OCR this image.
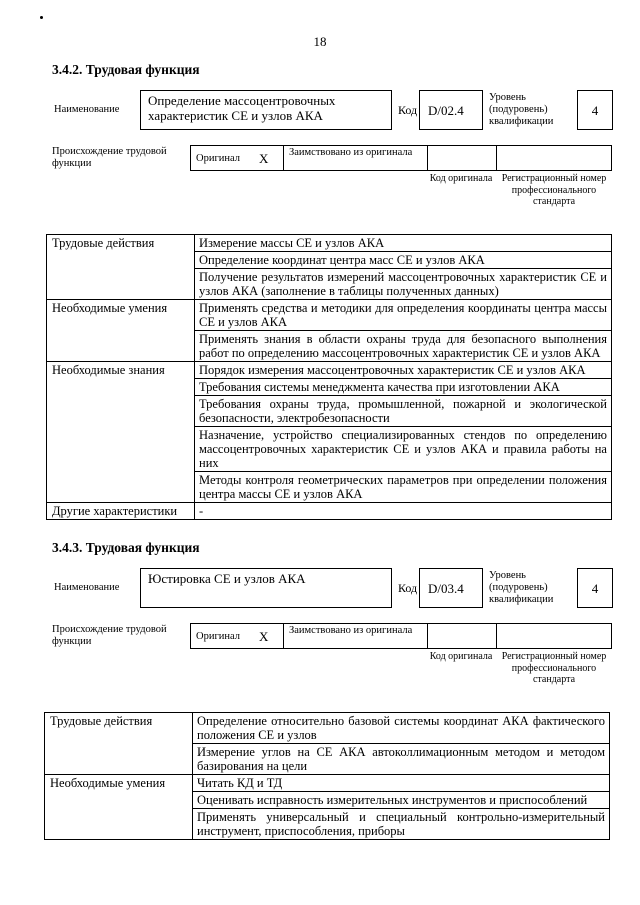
18
3.4.2. Трудовая функция
Наименование
Определение массоцентровочных характеристик СЕ и узлов АКА	Код D/02.4
Уровень (подуровень) квалификации
4
Происхождение трудовой функции	Оригинал X Заимствовано из оригинала
Код оригинала Регистрационный номер профессионального стандарта
Трудовые действия	Измерение массы СЕ и узлов АКА
	Определение координат центра масс СЕ и узлов АКА
	Получение результатов измерений массоцентровочных характеристик СЕ и узлов АКА (заполнение в таблицы полученных данных)
Необходимые умения	Применять средства и методики для определения координаты центра массы СЕ и узлов АКА
	Применять знания в области охраны труда для безопасного выполнения работ по определению массоцентровочных характеристик СЕ и узлов АКА
Необходимые знания	Порядок измерения массоцентровочных характеристик СЕ и узлов АКА
	Требования системы менеджмента качества при изготовлении АКА
	Требования охраны труда, промышленной, пожарной и экологической безопасности, электробезопасности
	Назначение, устройство специализированных стендов по определению массоцентровочных характеристик СЕ и узлов АКА и правила работы на них
	Методы контроля геометрических параметров при определении положения центра массы СЕ и узлов АКА
Другие характеристики	-
3.4.3. Трудовая функция
Наименование
Юстировка СЕ и узлов АКА
Код D/03.4
Уровень (подуровень) квалификации
4
Происхождение трудовой функции	Оригинал X Заимствовано из оригинала
Код оригинала Регистрационный номер профессионального стандарта
Трудовые действия	Определение относительно базовой системы координат АКА фактического положения СЕ и узлов
	Измерение углов на СЕ АКА автоколлимационным методом и методом базирования на цели
Необходимые умения	Читать КД и ТД
	Оценивать исправность измерительных инструментов и приспособлений
	Применять универсальный и специальный контрольно-измерительный инструмент, приспособления, приборы
